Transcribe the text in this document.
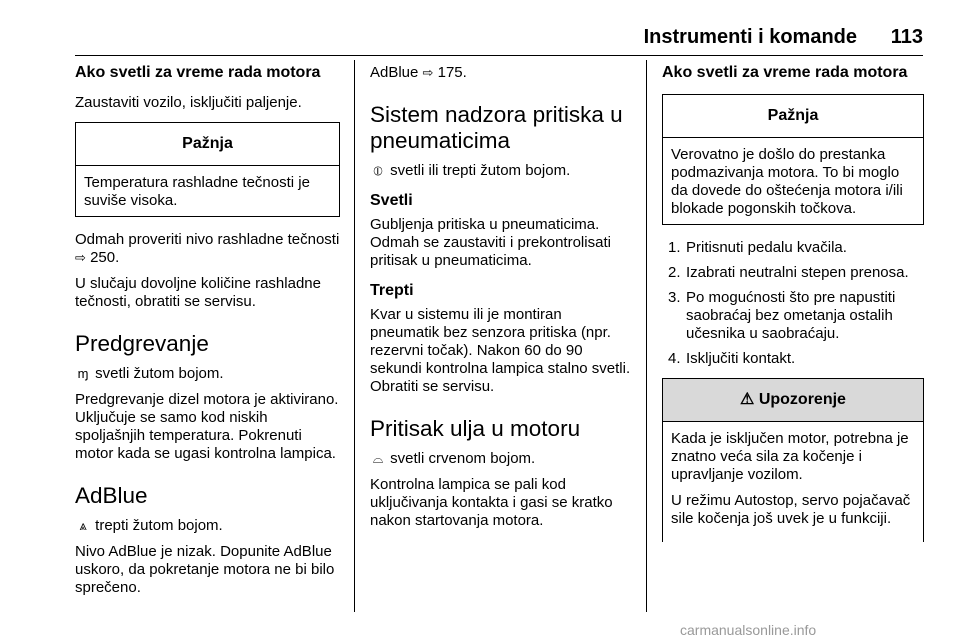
Instrumenti i komande 113
Ako svetli za vreme rada motora

Zaustaviti vozilo, isključiti paljenje.

Pažnja
Temperatura rashladne tečnosti je suviše visoka.

Odmah proveriti nivo rashladne tečnosti ⇨ 250.

U slučaju dovoljne količine rashladne tečnosti, obratiti se servisu.

Predgrevanje

ɱ svetli žutom bojom.

Predgrevanje dizel motora je aktivirano. Uključuje se samo kod niskih spoljašnjih temperatura. Pokrenuti motor kada se ugasi kontrolna lampica.

AdBlue

⩓ trepti žutom bojom.

Nivo AdBlue je nizak. Dopunite AdBlue uskoro, da pokretanje motora ne bi bilo sprečeno.

AdBlue ⇨ 175.

Sistem nadzora pritiska u pneumaticima

⦶ svetli ili trepti žutom bojom.

Svetli

Gubljenja pritiska u pneumaticima. Odmah se zaustaviti i prekontrolisati pritisak u pneumaticima.

Trepti

Kvar u sistemu ili je montiran pneumatik bez senzora pritiska (npr. rezervni točak). Nakon 60 do 90 sekundi kontrolna lampica stalno svetli. Obratiti se servisu.

Pritisak ulja u motoru

⌓ svetli crvenom bojom.

Kontrolna lampica se pali kod uključivanja kontakta i gasi se kratko nakon startovanja motora.

Ako svetli za vreme rada motora
Pažnja
Verovatno je došlo do prestanka podmazivanja motora. To bi moglo da dovede do oštećenja motora i/ili blokade pogonskih točkova.
1. Pritisnuti pedalu kvačila.
2. Izabrati neutralni stepen prenosa.
3. Po mogućnosti što pre napustiti saobraćaj bez ometanja ostalih učesnika u saobraćaju.
4. Isključiti kontakt.
⚠ Upozorenje

Kada je isključen motor, potrebna je znatno veća sila za kočenje i upravljanje vozilom.

U režimu Autostop, servo pojačavač sile kočenja još uvek je u funkciji.

carmanualsonline.info
